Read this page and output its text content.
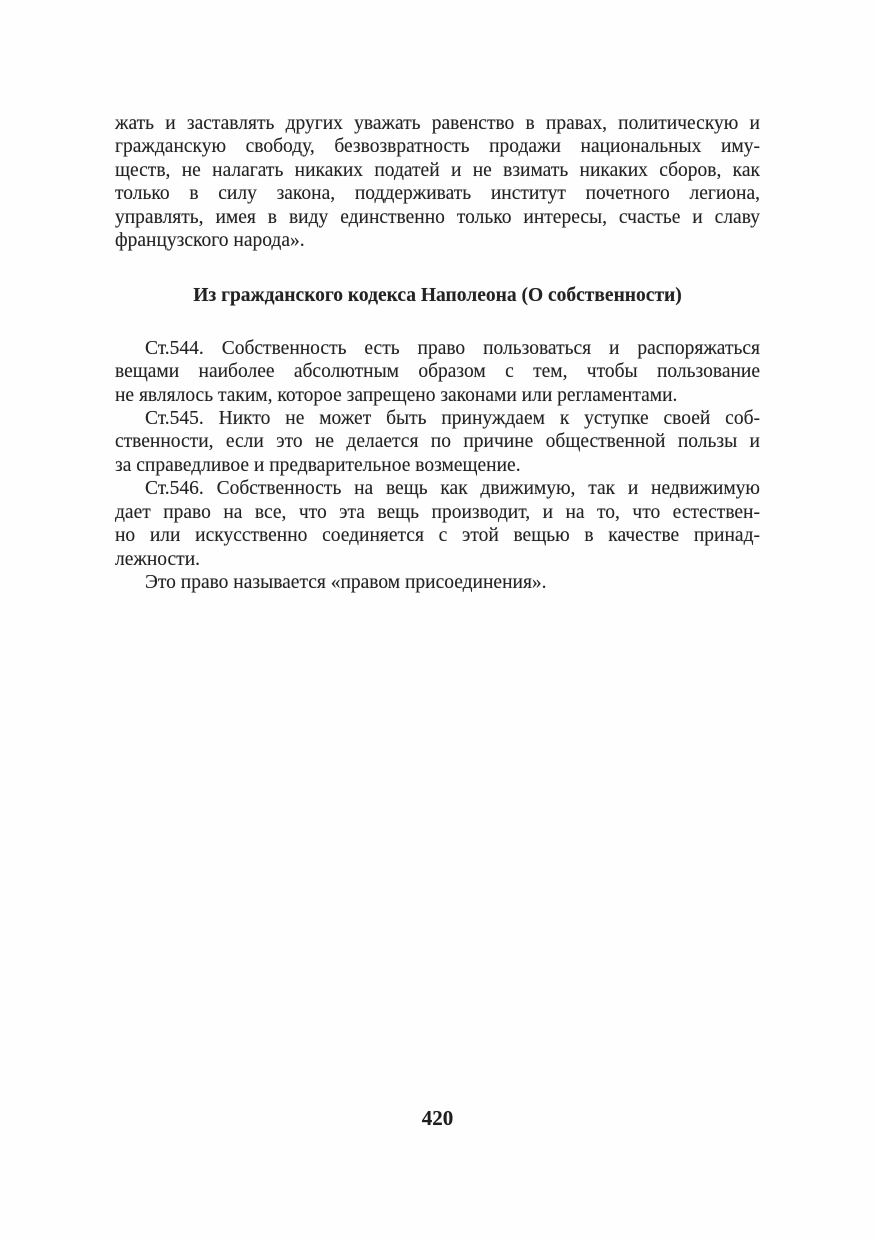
жать и заставлять других уважать равенство в правах, политическую и
гражданскую свободу, безвозвратность продажи национальных иму-
ществ, не налагать никаких податей и не взимать никаких сборов, как
только в силу закона, поддерживать институт почетного легиона,
управлять, имея в виду единственно только интересы, счастье и славу
французского народа».

Из гражданского кодекса Наполеона (О собственности)

Ст.544. Собственность есть право пользоваться и распоряжаться
вещами наиболее абсолютным образом с тем, чтобы пользование
не являлось таким, которое запрещено законами или регламентами.

Ст.545. Никто не может быть принуждаем к уступке своей соб-
ственности, если это не делается по причине общественной пользы и
за справедливое и предварительное возмещение.

Ст.546. Собственность на вещь как движимую, так и недвижимую
дает право на все, что эта вещь производит, и на то, что естествен-
но или искусственно соединяется с этой вещью в качестве принад-
лежности.

Это право называется «правом присоединения».

420
